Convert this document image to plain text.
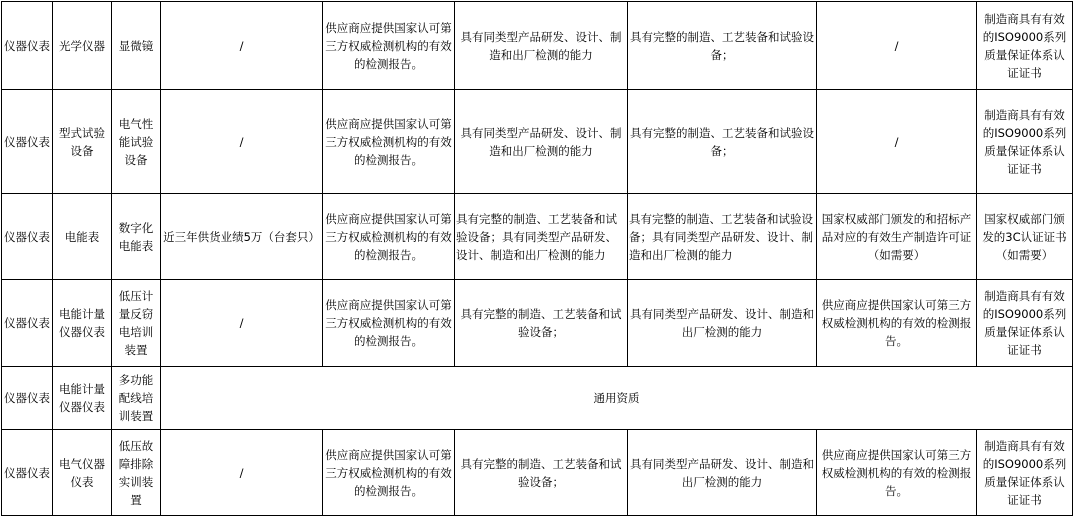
仪器仪表	光学仪器	显微镜	/	供应商应提供国家认可第三方权威检测机构的有效的检测报告。	具有同类型产品研发、设计、制造和出厂检测的能力	具有完整的制造、工艺装备和试验设备；	/	制造商具有有效的ISO9000系列质量保证体系认证证书
仪器仪表	型式试验设备	电气性能试验设备	/	供应商应提供国家认可第三方权威检测机构的有效的检测报告。	具有同类型产品研发、设计、制造和出厂检测的能力	具有完整的制造、工艺装备和试验设备；	/	制造商具有有效的ISO9000系列质量保证体系认证证书
仪器仪表	电能表	数字化电能表	近三年供货业绩5万（台套只）	供应商应提供国家认可第三方权威检测机构的有效的检测报告。	具有完整的制造、工艺装备和试验设备；具有同类型产品研发、设计、制造和出厂检测的能力	具有完整的制造、工艺装备和试验设备；具有同类型产品研发、设计、制造和出厂检测的能力	国家权威部门颁发的和招标产品对应的有效生产制造许可证（如需要）	国家权威部门颁发的3C认证证书（如需要）
仪器仪表	电能计量仪器仪表	低压计量反窃电培训装置	/	供应商应提供国家认可第三方权威检测机构的有效的检测报告。	具有完整的制造、工艺装备和试验设备；	具有同类型产品研发、设计、制造和出厂检测的能力	供应商应提供国家认可第三方权威检测机构的有效的检测报告。	制造商具有有效的ISO9000系列质量保证体系认证证书
仪器仪表	电能计量仪器仪表	多功能配线培训装置	通用资质					
仪器仪表	电气仪器仪表	低压故障排除实训装置	/	供应商应提供国家认可第三方权威检测机构的有效的检测报告。	具有完整的制造、工艺装备和试验设备；	具有同类型产品研发、设计、制造和出厂检测的能力	供应商应提供国家认可第三方权威检测机构的有效的检测报告。	制造商具有有效的ISO9000系列质量保证体系认证证书
